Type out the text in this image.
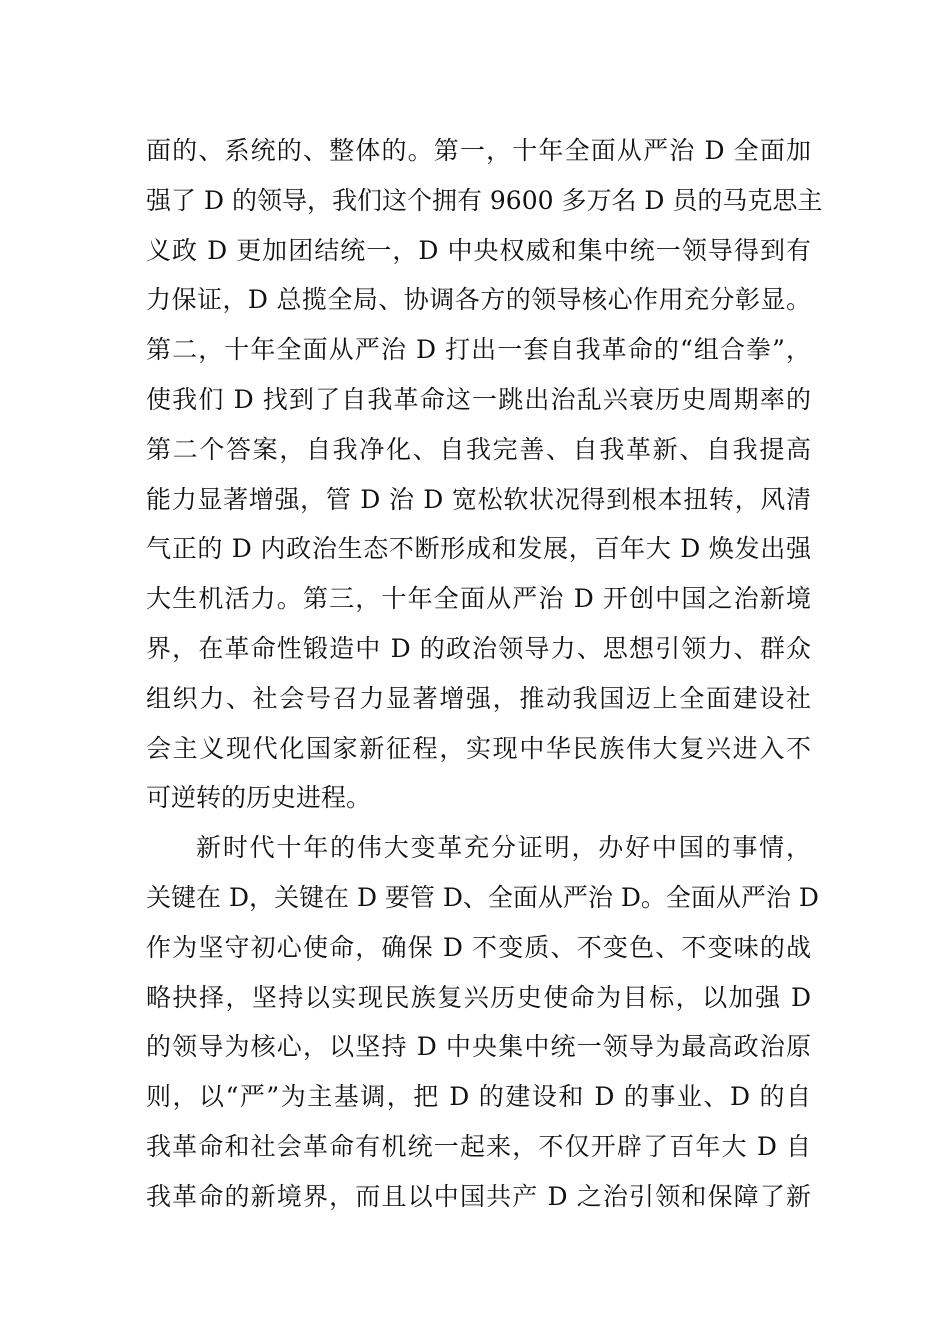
面的、系统的、整体的。第一，十年全面从严治 D 全面加
强了 D 的领导，我们这个拥有 9600 多万名 D 员的马克思主
义政 D 更加团结统一，D 中央权威和集中统一领导得到有
力保证，D 总揽全局、协调各方的领导核心作用充分彰显。
第二，十年全面从严治 D 打出一套自我革命的“组合拳”，
使我们 D 找到了自我革命这一跳出治乱兴衰历史周期率的
第二个答案，自我净化、自我完善、自我革新、自我提高
能力显著增强，管 D 治 D 宽松软状况得到根本扭转，风清
气正的 D 内政治生态不断形成和发展，百年大 D 焕发出强
大生机活力。第三，十年全面从严治 D 开创中国之治新境
界，在革命性锻造中 D 的政治领导力、思想引领力、群众
组织力、社会号召力显著增强，推动我国迈上全面建设社
会主义现代化国家新征程，实现中华民族伟大复兴进入不
可逆转的历史进程。
新时代十年的伟大变革充分证明，办好中国的事情，
关键在 D，关键在 D 要管 D、全面从严治 D。全面从严治 D
作为坚守初心使命，确保 D 不变质、不变色、不变味的战
略抉择，坚持以实现民族复兴历史使命为目标，以加强 D
的领导为核心，以坚持 D 中央集中统一领导为最高政治原
则，以“严”为主基调，把 D 的建设和 D 的事业、D 的自
我革命和社会革命有机统一起来，不仅开辟了百年大 D 自
我革命的新境界，而且以中国共产 D 之治引领和保障了新
